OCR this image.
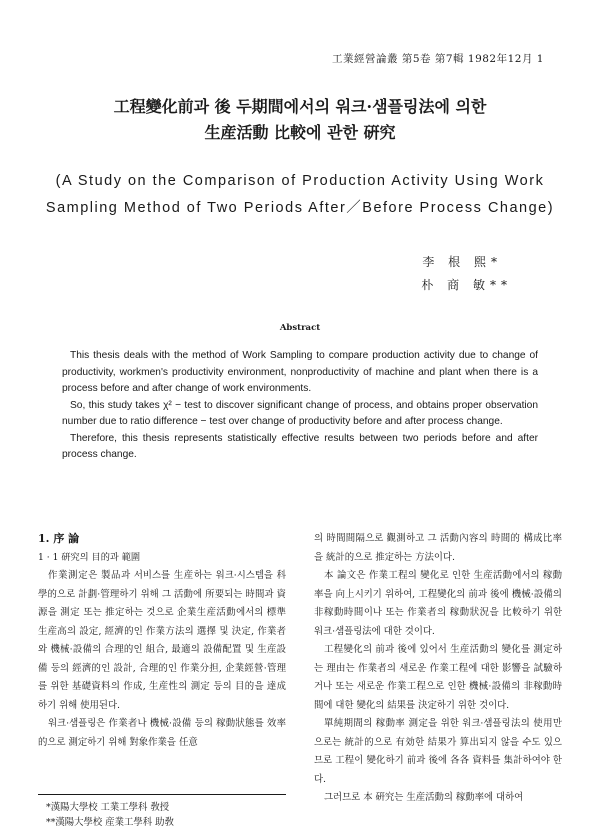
工業經營論叢 第5卷 第7輯 1982年12月 1
工程變化前과 後 두期間에서의 워크·샘플링法에 의한
生産活動 比較에 관한 硏究
(A Study on the Comparison of Production Activity Using Work
Sampling Method of Two Periods After／Before Process Change)
李 根 熙*
朴 商 敏**
Abstract

This thesis deals with the method of Work Sampling to compare production activity due to change of productivity, workmen's productivity environment, nonproductivity of machine and plant when there is a process before and after change of work environments.

So, this study takes χ² − test to discover significant change of process, and obtains proper observation number due to ratio difference − test over change of productivity before and after process change.

Therefore, this thesis represents statistically effective results between two periods before and after process change.

1. 序 論

1 · 1 硏究의 目的과 範圍

作業測定은 製品과 서비스를 生産하는 워크·시스템을 科學的으로 計劃·管理하기 위해 그 活動에 所要되는 時間과 資源을 測定 또는 推定하는 것으로 企業生産活動에서의 標準生産高의 設定, 經濟的인 作業方法의 選擇 및 決定, 作業者와 機械·設備의 合理的인 組合, 最適의 設備配置 및 生産設備 등의 經濟的인 設計, 合理的인 作業分担, 企業經營·管理를 위한 基礎資料의 作成, 生産性의 測定 등의 目的을 達成하기 위해 使用된다.

워크·샘플링은 作業者나 機械·設備 등의 稼動狀態를 效率的으로 測定하기 위해 對象作業을 任意

의 時間間隔으로 觀測하고 그 活動內容의 時間的 構成比率을 統計的으로 推定하는 方法이다.

本 論文은 作業工程의 變化로 인한 生産活動에서의 稼動率을 向上시키기 위하여, 工程變化의 前과 後에 機械·設備의 非稼動時間이나 또는 作業者의 稼動狀況을 比較하기 위한 워크·샘플링法에 대한 것이다.

工程變化의 前과 後에 있어서 生産活動의 變化를 測定하는 理由는 作業者의 새로운 作業工程에 대한 影響을 試驗하거나 또는 새로운 作業工程으로 인한 機械·設備의 非稼動時間에 대한 變化의 結果를 決定하기 위한 것이다.

單純期間의 稼動率 測定을 위한 워크·샘플링法의 使用만으로는 統計的으로 有効한 結果가 算出되지 않을 수도 있으므로 工程이 變化하기 前과 後에 各各 資料를 集計하여야 한다.

그러므로 本 硏究는 生産活動의 稼動率에 대하여

*漢陽大學校 工業工學科 敎授
**漢陽大學校 産業工學科 助敎
